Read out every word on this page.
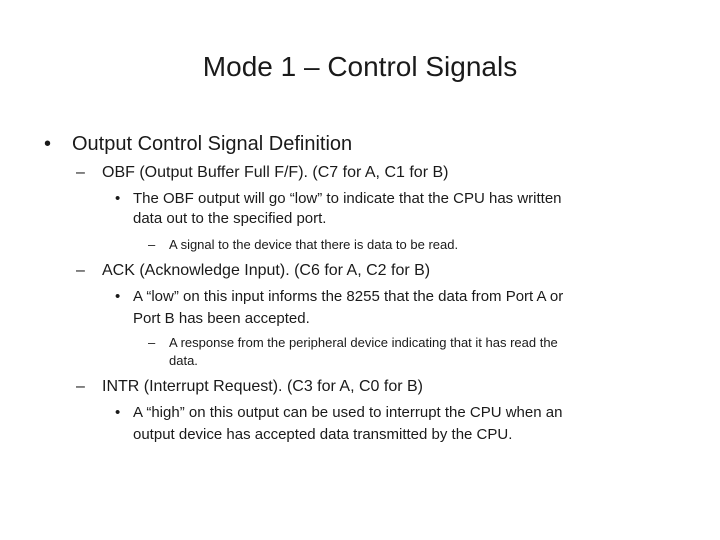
Mode 1 – Control Signals
• Output Control Signal Definition
– OBF (Output Buffer Full F/F). (C7 for A, C1 for B)
• The OBF output will go “low” to indicate that the CPU has written
data out to the specified port.
– A signal to the device that there is data to be read.
– ACK (Acknowledge Input). (C6 for A, C2 for B)
• A “low” on this input informs the 8255 that the data from Port A or
Port B has been accepted.
– A response from the peripheral device indicating that it has read the
data.
– INTR (Interrupt Request). (C3 for A, C0 for B)
• A “high” on this output can be used to interrupt the CPU when an
output device has accepted data transmitted by the CPU.
